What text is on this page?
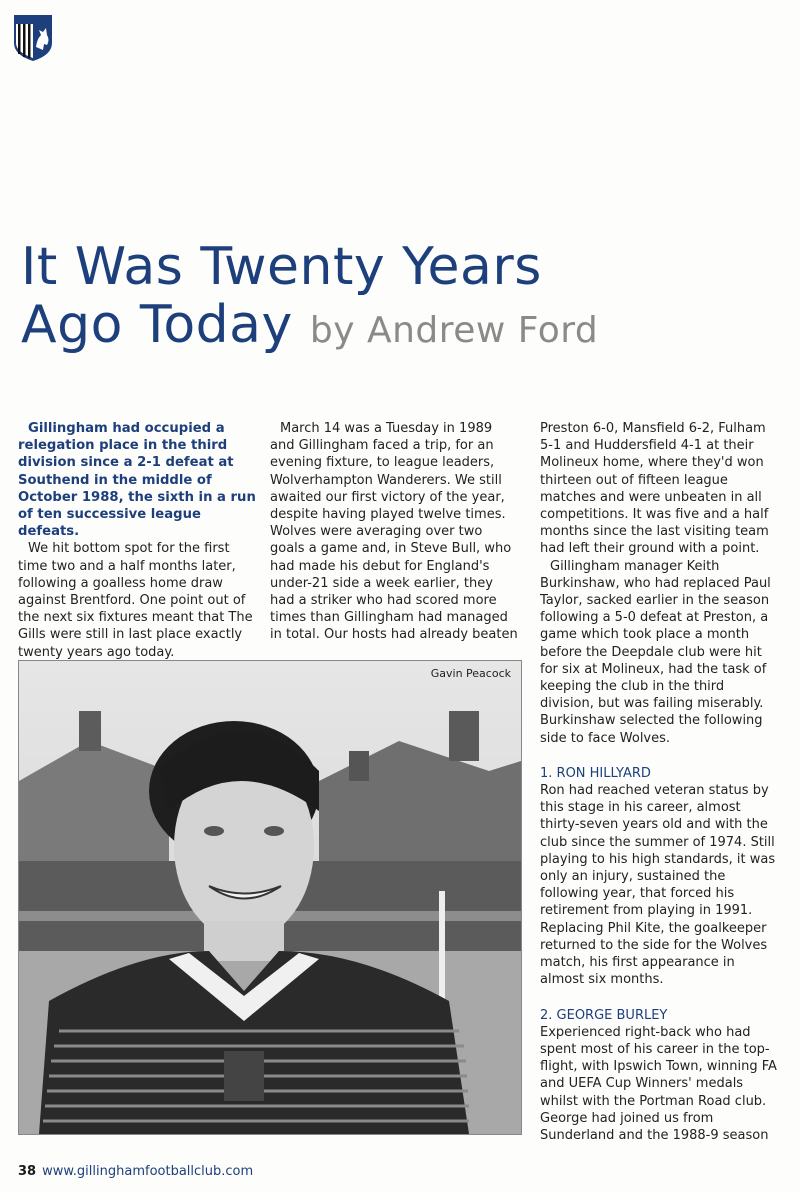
It Was Twenty Years
Ago Today by Andrew Ford

Gillingham had occupied a relegation place in the third division since a 2-1 defeat at Southend in the middle of October 1988, the sixth in a run of ten successive league defeats.

We hit bottom spot for the first time two and a half months later, following a goalless home draw against Brentford. One point out of the next six fixtures meant that The Gills were still in last place exactly twenty years ago today.

March 14 was a Tuesday in 1989 and Gillingham faced a trip, for an evening fixture, to league leaders, Wolverhampton Wanderers. We still awaited our first victory of the year, despite having played twelve times. Wolves were averaging over two goals a game and, in Steve Bull, who had made his debut for England's under-21 side a week earlier, they had a striker who had scored more times than Gillingham had managed in total. Our hosts had already beaten

Preston 6-0, Mansfield 6-2, Fulham 5-1 and Huddersfield 4-1 at their Molineux home, where they'd won thirteen out of fifteen league matches and were unbeaten in all competitions. It was five and a half months since the last visiting team had left their ground with a point.

Gillingham manager Keith Burkinshaw, who had replaced Paul Taylor, sacked earlier in the season following a 5-0 defeat at Preston, a game which took place a month before the Deepdale club were hit for six at Molineux, had the task of keeping the club in the third division, but was failing miserably. Burkinshaw selected the following side to face Wolves.

1. RON HILLYARD

Ron had reached veteran status by this stage in his career, almost thirty-seven years old and with the club since the summer of 1974. Still playing to his high standards, it was only an injury, sustained the following year, that forced his retirement from playing in 1991. Replacing Phil Kite, the goalkeeper returned to the side for the Wolves match, his first appearance in almost six months.

2. GEORGE BURLEY

Experienced right-back who had spent most of his career in the top-flight, with Ipswich Town, winning FA and UEFA Cup Winners' medals whilst with the Portman Road club. George had joined us from Sunderland and the 1988-9 season

Gavin Peacock
38 www.gillinghamfootballclub.com
